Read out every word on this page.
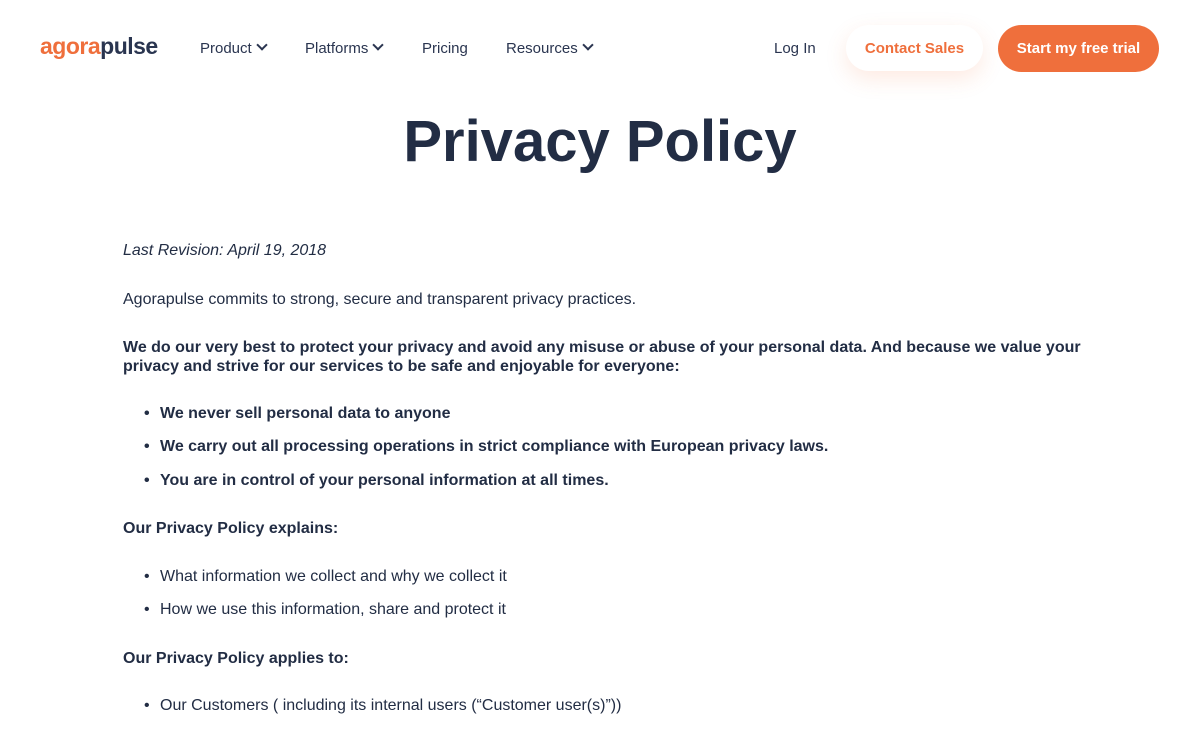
agorapulse	Product	Platforms	Pricing	Resources	Log In	Contact Sales	Start my free trial
Privacy Policy
Last Revision: April 19, 2018
Agorapulse commits to strong, secure and transparent privacy practices.
We do our very best to protect your privacy and avoid any misuse or abuse of your personal data. And because we value your privacy and strive for our services to be safe and enjoyable for everyone:
• We never sell personal data to anyone
• We carry out all processing operations in strict compliance with European privacy laws.
• You are in control of your personal information at all times.
Our Privacy Policy explains:
• What information we collect and why we collect it
• How we use this information, share and protect it
Our Privacy Policy applies to:
• Our Customers ( including its internal users (“Customer user(s)”))
